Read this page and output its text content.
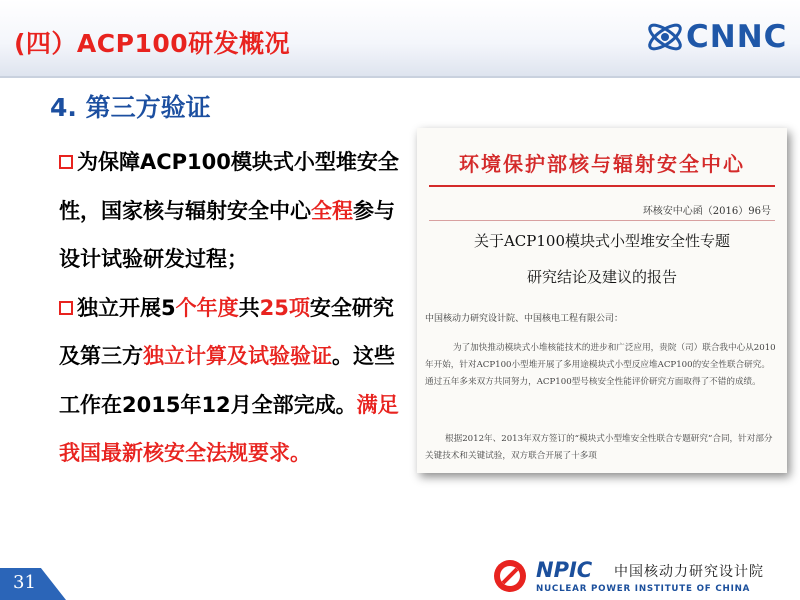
(四）ACP100研发概况	CNNC
4. 第三方验证
为保障ACP100模块式小型堆安全性，国家核与辐射安全中心全程参与设计试验研发过程；
独立开展5个年度共25项安全研究及第三方独立计算及试验验证。这些工作在2015年12月全部完成。满足我国最新核安全法规要求。
环境保护部核与辐射安全中心
环核安中心函（2016）96号
关于ACP100模块式小型堆安全性专题
研究结论及建议的报告
中国核动力研究设计院、中国核电工程有限公司：
为了加快推动模块式小堆核能技术的进步和广泛应用，贵院（司）联合我中心从2010年开始，针对ACP100小型堆开展了多用途模块式小型反应堆ACP100的安全性联合研究。通过五年多来双方共同努力，ACP100型号核安全性能评价研究方面取得了不错的成绩。
根据2012年、2013年双方签订的“模块式小型堆安全性联合专题研究”合同，针对部分关键技术和关键试验，双方联合开展了十多项
31
NPIC 中国核动力研究设计院
NUCLEAR POWER INSTITUTE OF CHINA
